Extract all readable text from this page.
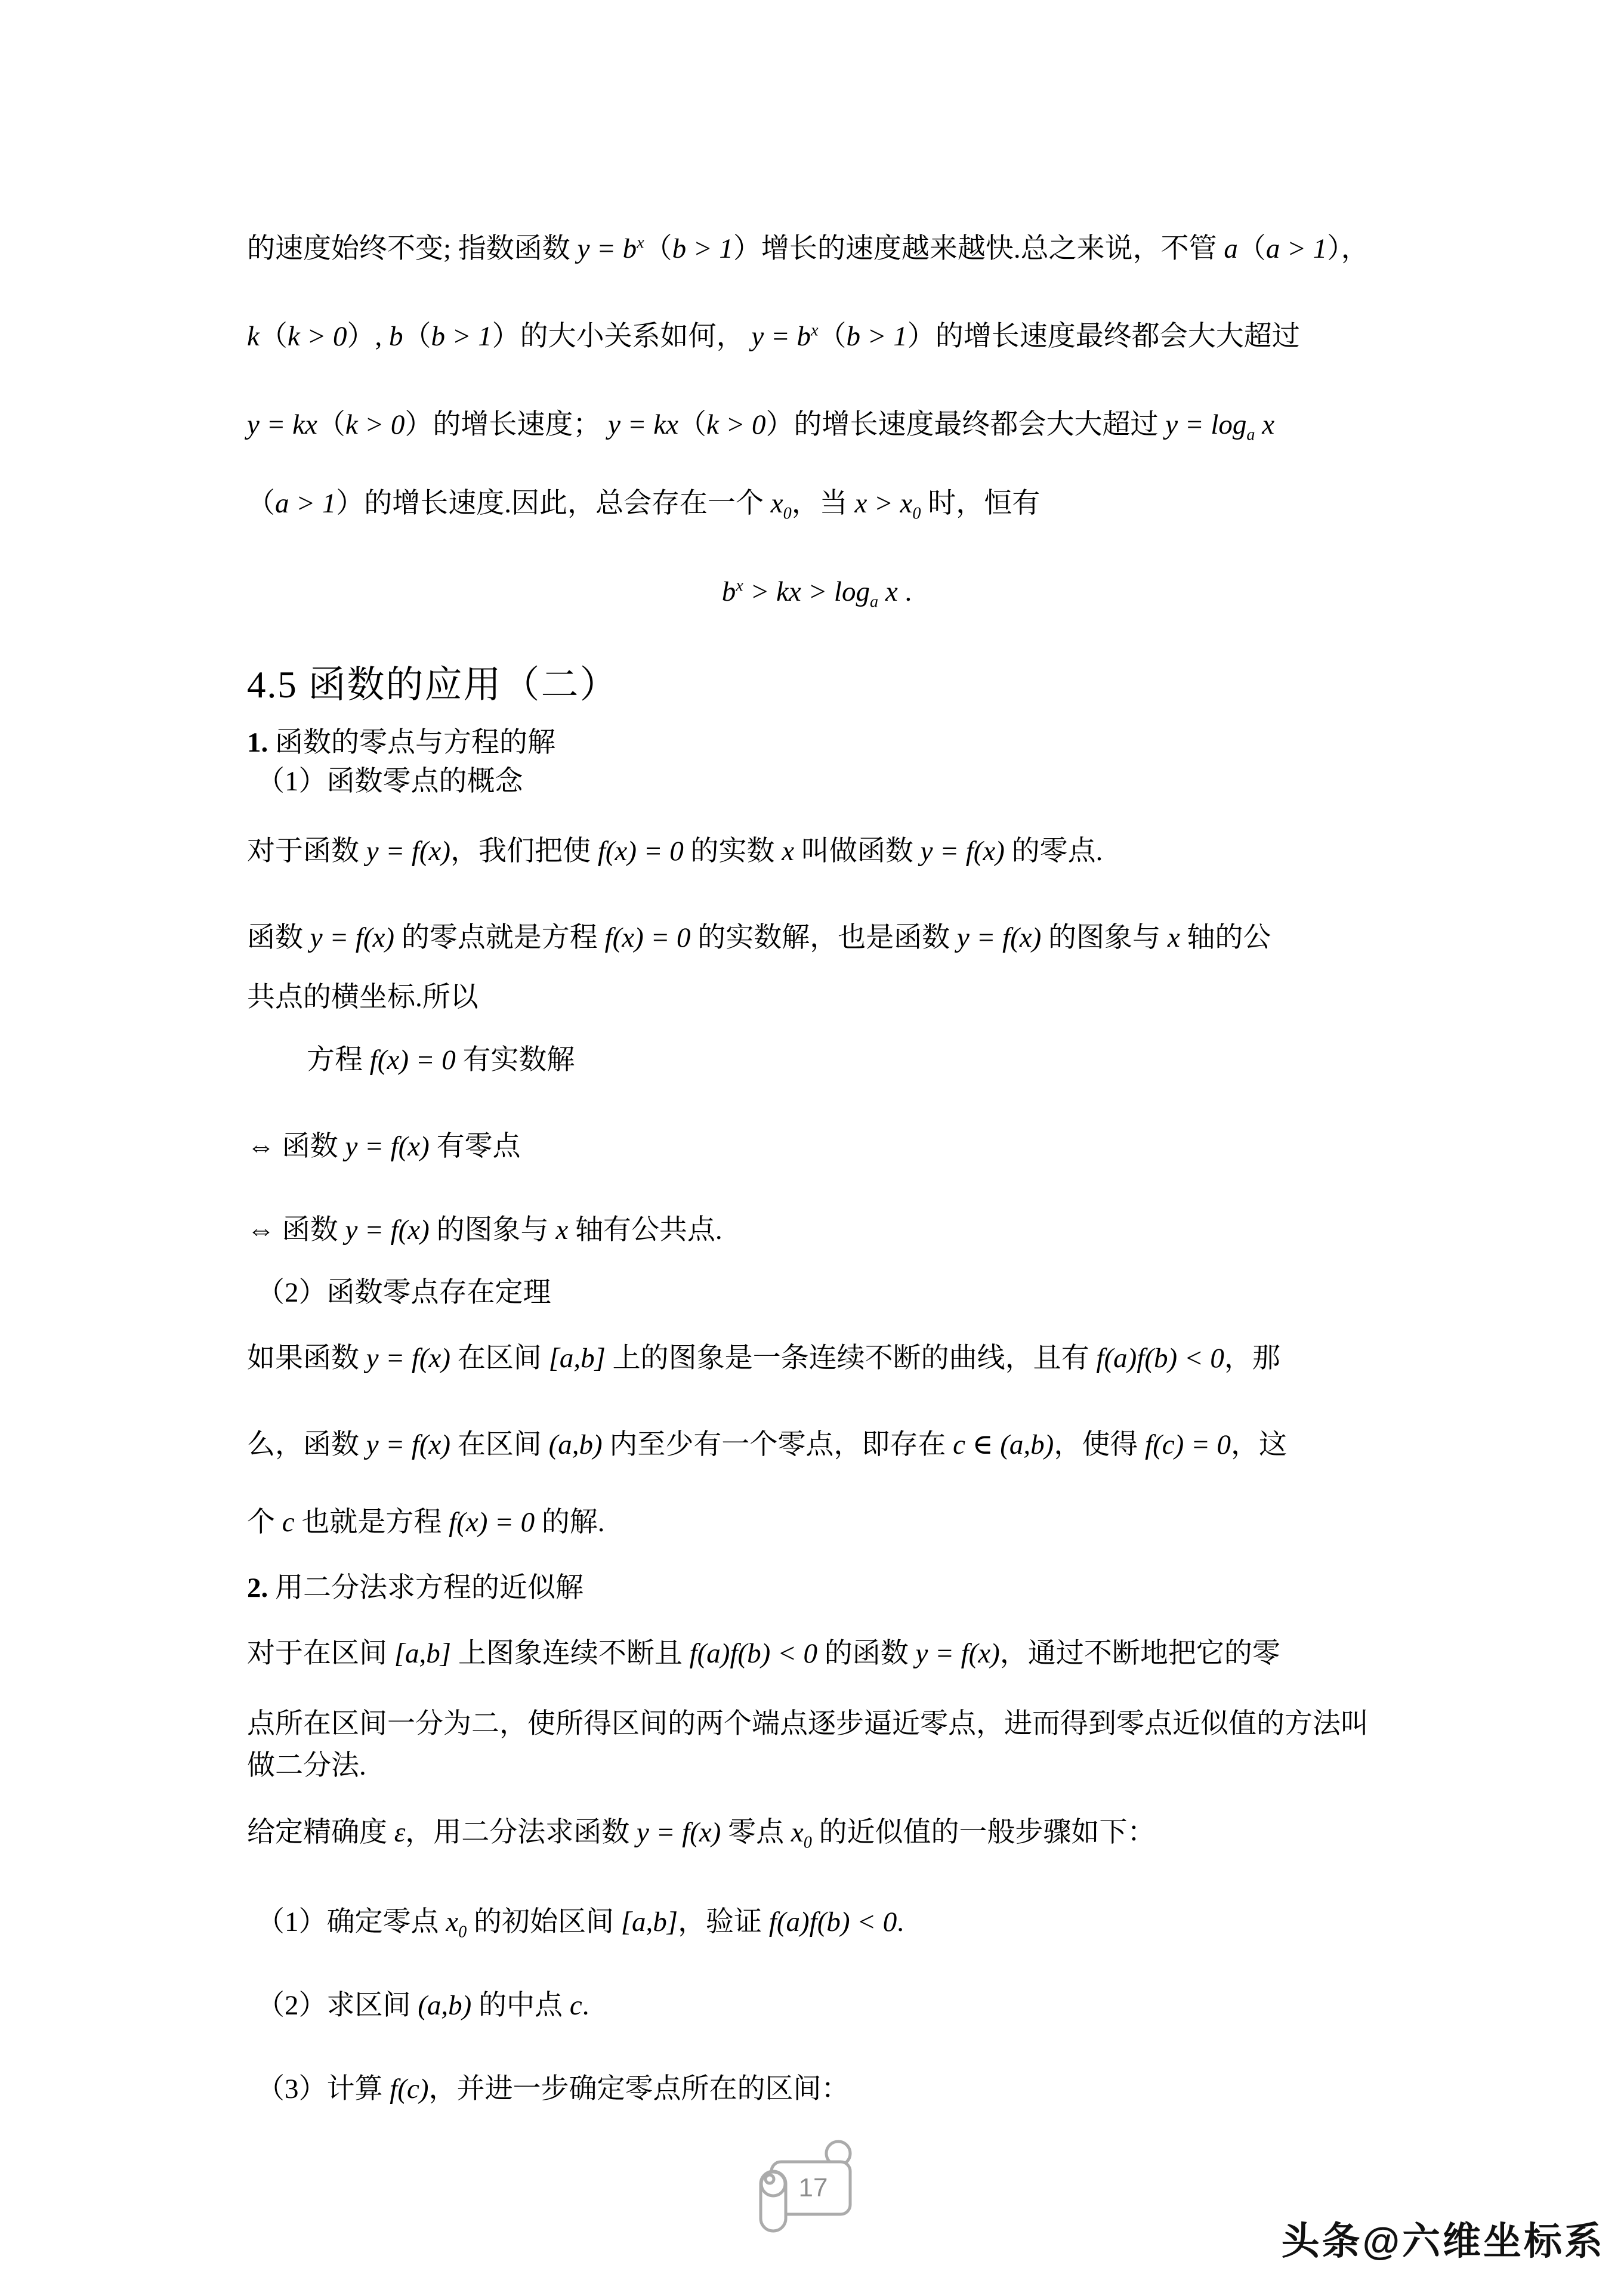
的速度始终不变; 指数函数 $y = b^x(b > 1)$增长的速度越来越快.总之来说，不管 a（a > 1），
k（k > 0）, b（b > 1）的大小关系如何， $y = b^x(b > 1)$的增长速度最终都会大大超过
y = kx（k > 0）的增长速度； y = kx（k > 0）的增长速度最终都会大大超过 $y = \log_a x$
（a > 1）的增长速度.因此，总会存在一个 $x_0$，当 $x > x_0$ 时，恒有
$b^x$ > kx > $\log_a x$ .
4.5 函数的应用（二）
1. 函数的零点与方程的解
（1）函数零点的概念
对于函数 y = f(x)，我们把使 f(x) = 0 的实数 x 叫做函数 y = f(x) 的零点.
函数 y = f(x) 的零点就是方程 f(x) = 0 的实数解，也是函数 y = f(x) 的图象与 x 轴的公
共点的横坐标.所以
方程 f(x) = 0 有实数解
⇔ 函数 y = f(x) 有零点
⇔ 函数 y = f(x) 的图象与 x 轴有公共点.
（2）函数零点存在定理
如果函数 y = f(x) 在区间 [a,b] 上的图象是一条连续不断的曲线，且有 f(a)f(b) < 0，那
么，函数 y = f(x) 在区间 (a,b) 内至少有一个零点，即存在 c ∈ (a,b)，使得 f(c) = 0，这
个 c 也就是方程 f(x) = 0 的解.
2. 用二分法求方程的近似解
对于在区间 [a,b] 上图象连续不断且 f(a)f(b) < 0 的函数 y = f(x)，通过不断地把它的零
点所在区间一分为二，使所得区间的两个端点逐步逼近零点，进而得到零点近似值的方法叫
做二分法.
给定精确度 ε，用二分法求函数 y = f(x) 零点 $x_0$ 的近似值的一般步骤如下：
（1）确定零点 $x_0$ 的初始区间 [a,b]，验证 f(a)f(b) < 0.
（2）求区间 (a,b) 的中点 c.
（3）计算 f(c)，并进一步确定零点所在的区间：
17
头条@六维坐标系
